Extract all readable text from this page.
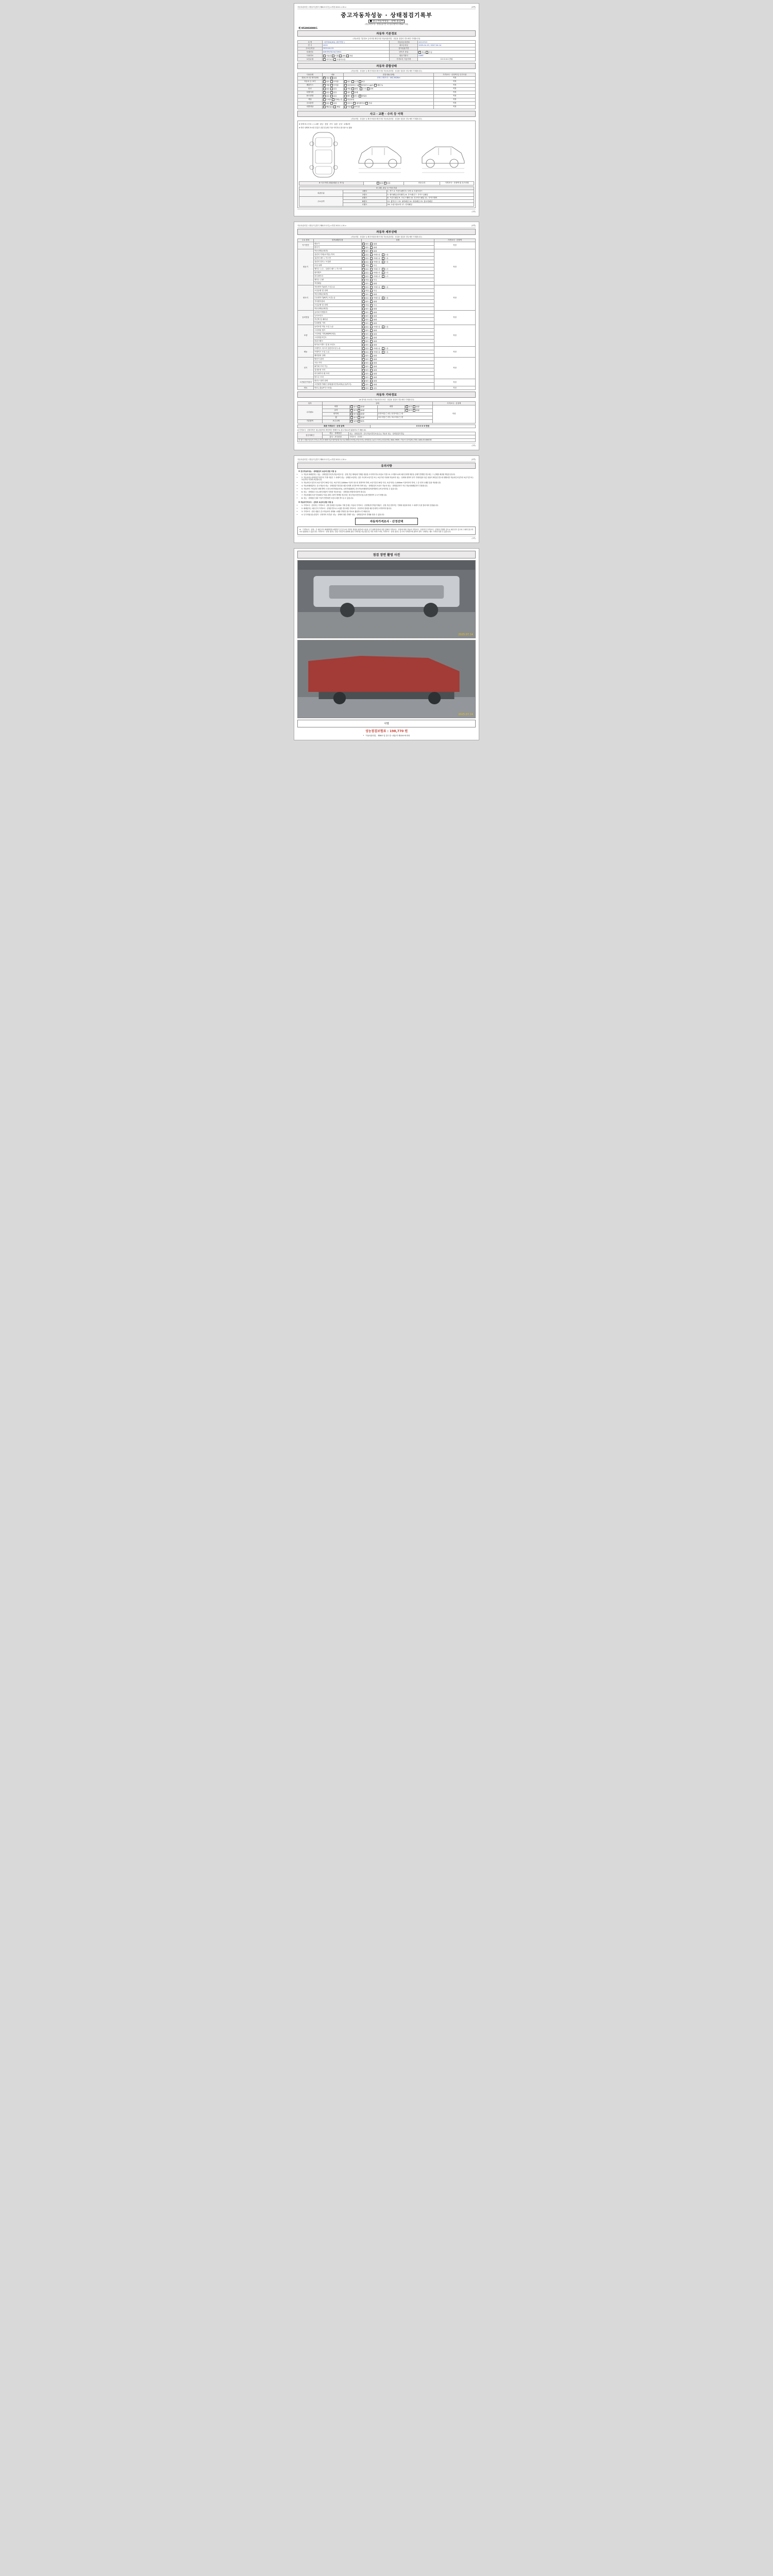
자동차관리법 시행규칙 [별지 제82호서식] <개정 2021.1.19.>	(3쪽)
중고자동차성능 · 상태점검기록부
■ 중고자동차성능 · 상태 점검부
(자동차인도일 : 점검유효기간 2주일/주행거리 2천km 이내)
제 952003009도
자동차 기본정보
(자동차법 기본정보 등의사항 확인사항 자동차관리법 · 상업용 점검의 경우에만 기재합니다)
차 명	그랜저HG(HG) (세부명칭 )	자동차등록번호	20도2713
연 식	2015	최초등록일	2025-04-15 / 2027-04-14
주소등록일	2015-04-15	검사유효기간	
차대번호	KMHFM781HA70901	변속기 종류	✓자동 수동
사용연료	✓가솔린 디젤 LPG 기타	원동기형식	G4KE
보증유형	✓자기보증 보험사보증	가격조사 기준가격	0 0 0 0 0 만원
자동차 종합상태
(자동차법 · 상업용 등 확인사항을 확인사항 자동차관리법 · 상업용 점검의 경우에만 기재합니다)
사용상태	내용	점검내용(상태)	가격조사 · 산정액 및 특기사항
전용주사 및 계기상태	✓정상 불량	현재 주행거리 : 162,362Km	적정
자동차 등 표기	✓양호 부적합	변조 도색 대조	적정
배출가스	✓적합 부적합	일산화탄소 % 탄화수소 ppm 매연 %	적정
튜닝	✓없음 있음	적법 불법   구조 장치	적정
특별이력	✓없음 있음	침수 화재	적정
용도변경	✓없음 있음	렌트 리스 영업용	적정
색상	✓무채색 전체도색	색상변경	적정
주요옵션	✓없음 있음	선루프 내비게이션 기타	적정
리콜대상	✓해당없음 해당	이행 미이행	적정
사고 · 교환 · 수리 등 이력
(자동차법 · 상업용 등 확인사항을 확인사항 자동차관리법 · 상업용 점검의 경우에만 기재합니다)
※ 상태 표시 부호 : ( ) 교환 · 판금 · 용접 · 부식 · 흠집 · 손상 · 교체요망
※ 하단 상태에 표시한 부분은 점검 및 판단 기준 이미지로 참고용으로 활용
※ 사고이력 (외판/내판 등 표시)	없음 있음	단순수리	가격조사 · 산정액 및 특기사항
※ 교환, 판금 등 이상 부위		
외판부위	1랭크	1. 후드 2. 프론트펜더 3. 도어 4. 트렁크리드
	2랭크	5. 쿼터패널(리어펜더) 6. 루프패널 7. 사이드실패널
주요골격	A랭크	8. 프론트패널 9. 크로스멤버 10. 인사이드패널 11. 사이드멤버
	B랭크	12. 휠하우스 13. 필라패널 14. 대쉬패널 15. 플로어패널
	C랭크	16. 트렁크플로어 17. 리어패널
(3쪽)
자동차관리법 시행규칙 [별지 제82호서식] <개정 2021.1.19.>	(3쪽)
자동차 세부상태
(자동차법 · 상업용 등 확인사항을 확인사항 자동차관리법 · 상업용 점검의 경우에만 기재합니다)
주요 장치	항목/해당부품	상태	가격조사 · 산정액
자기진단	원동기	✓양호 불량	적정
	변속기	✓양호 불량
원동기	작동상태(공회전)	✓양호 불량	적정
	실린더 커버(로커암) 커버	✓없음 미세누유 누유
	실린더 헤드 / 가스켓	✓없음 미세누유 누유
	실린더 블록 / 오일팬	✓없음 미세누유 누유
	오일 유량	✓적정 부족
	냉각수 누수 - 실린더 헤드 / 가스켓	✓없음 미세누수 누수
	워터펌프	✓없음 미세누수 누수
	라디에이터	✓없음 미세누수 누수
	냉각수 수량	✓적정 부족
	커먼레일	✓양호 불량
변속기	자동변속기(A/T) 오일누유	✓없음 미세누유 누유	적정
	오일유량 및 상태	✓적정 부족
	작동상태(공회전)	✓양호 불량
	수동변속기(M/T) 오일누유	✓없음 미세누유 누유
	기어변속장치	✓양호 불량
	오일유량 및 상태	✓적정 부족
	작동상태(공회전)	✓양호 불량
동력전달	클러치 어셈블리	✓양호 불량	적정
	등속조인트	✓양호 불량
	추진축 및 베어링	✓양호 불량
	디퍼렌셜 기어	✓양호 불량
조향	동력조향 작동 오일 누유	✓없음 미세누유 누유	적정
	스티어링 펌프	✓양호 불량
	스티어링 기어(MDPS포함)	✓양호 불량
	스티어링조인트	✓양호 불량
	파워크랭크	✓양호 불량
	타이로드엔드 및 볼 조인트	✓양호 불량
제동	브레이크 마스터 실린더오일 누유	✓없음 미세누유 누유	적정
	브레이크 오일 누유	✓없음 미세누유 누유
	배력장치 상태	✓양호 불량
전기	발전기 출력	✓양호 불량	적정
	시동 모터	✓양호 불량
	와이퍼 모터 기능	✓양호 불량
	실내송풍 모터	✓양호 불량
	라디에이터 팬 모터	✓양호 불량
	윈도우 모터	✓양호 불량
고전원전기장치	충전구 절연 상태	✓양호 불량	적정
	고전원전기배선 상태(접속단자/피복/손상/부식)	✓양호 불량
연료	연료누출(LP가스포함)	✓없음 있음	적정
자동차 기타정보
(※ 항목을 표시하고 자동차인도조건 · 상업용 점검의 경우에만 기재합니다)
항목	상태				가격조사 · 산정액
수리필요	외장	✓양호 불량	내장	✓양호 불량	적정
	유리	✓양호 불량		양호 불량	
	타이어	✓양호 불량	운전석앞 □ 양 / 운전석뒤 □ 양		
	휠	✓양호 불량	조수석앞 □ 양 / 조수석뒤 □ 양		
기본품목	보수교체	✓있음 없음
최종 가격조사 · 산정 금액	0 0 0 0 0 만원
※ 가격조사 · 산정가격은 성능점검자의 개인적인 견해이므로 참고자료로만 활용하시기 바랍니다.
점검자확인	성능 · 상태점검	성능 · 상태점검자 : 한국자동차진단보증(주) / 자동차 성능 · 상태점검자 발급
	검사 · 조사산정	가격조사 · 산정자 :
회 원사 복합보험심사진단(주)자동차매매사업조합연합회(자동차손해배상보장법)/자동차성능상태점검(주)/중고차성능점검(전화) 1644-9909 / 자동차 검사업체 (전화) 1400-05-606192		
(3쪽)
자동차관리법 시행규칙 [별지 제82호서식] <개정 2021.1.19.>	(3쪽)
유의사항
※ 중고자동차성능 · 상태점검의 보증에 관한 사항 등
• 1. 자동차 매매업자는 성능 · 상태점검기록부(자동차인도일 · 산정 부분 제외)에 기재된 내용을 고의적이거나 과실로 거짓으로 고지할으로써 매수인에게 재산상 손해가 발생한 경우에는 그 손해를 배상할 책임을 집니다.
• 2. 자동차성능상태점검기록부의 기재 사항은 그 차량의 성능 · 상태를 보증하는 것은 아니며 보증기간 또는 보증거리 이내에 자동차의 성능 · 상태에 대하여 상기 기재사항과 다른 내용이 확인된 경우에 대해서만 자동차인도일부터 보증기간 또는 보증거리 이내에 보증합니다.
• 3. 자동차인도일부터 보증기간이 30일 이상, 보증거리 2,000km 이상이 되도록 정하여야 하며, 보증기간은 30일 이상, 보증거리는 2,000km 이상이어야 하며, 그 중 먼저 도래한 것을 적용합니다.
• 4. 자동차매매업자는 중고자동차 성능 · 상태점검기록부를 매수인에게 교부하여야 하며 성능 · 상태점검의 보증은 자동차 성능 · 상태점검자가 아닌 자동차매매업자가 부담합니다.
• 5. 자동차의 구매 관련 피해 발생 시 한국소비자원(1372), 공정거래위원회, 한국자동차매매사업조합연합회 등에 문의하실 수 있습니다.
• 6. 성능 · 상태점검 국토교통부장관이 인정한 자동차성능 · 상태점검 방법에 따라야 합니다.
• 7. 자동차매매 보증기간(30일 이내) 내에 고장이 발생한 경우에는 한국자동차진단보증(주)에 연락하여 주시기 바랍니다.
• 8. 성능 · 상태점검 결과 이상이 발견되면 보증수리를 받으실 수 있습니다.
※ 자동차가격조사 · 산정의 보증에 관한 사항 등
• 1. 가격조사 · 산정자는 가격조사 · 산정 결과를 사실대로 기재 중에는 자동차 가격조사 · 산정액(자기책임기재)이 · 산정 부분 한하여는 기재에 내용에 따라 그 차량이 특정 결과 따라 결정됩니다.
• 2. 매매업자는 매수인이 가격조사 · 산정을 별도로 요청한 경우에만 가격조사 · 산정자의 결과를 매수인에게 고지하여야 합니다.
• 3. 가격조사 · 산정 내용은 중고자동차의 상태와 시세를 반영한 참고자료로 활용하시기 바랍니다.
• 4. 특기사항(성능점검자 · 산정자의 의견)은 성능 · 상태에 대한 견해가 성능 · 상태점검자의 견해와 다를 수 있습니다.
자동차가격조사 · 산정선택
※ 「가격조사 · 산정」은 매수인이 매매계약을 체결하기 전 중고차 가격의 적절성 판단에 도움을 주기 위해 법령에 의한 업체의 가격조사 · 산정에 따라 자동차 가격조사 · 산정자가 가격조사 · 산정을 진행한 것으로 매수인이 중고차 구매의 참고자료로 활용할 수 있습니다. 가격조사 · 산정 결과는 점검 기록부의 판매에 관련 기재사항 성능점검 및 기타 서비스이며, 가격조사 · 산정 결과는 중고차 가격평가에 관하여 별도 구매하는 매도 가격과 다를 수 있습니다.
(3쪽)
점검 장면 촬영 사진
2025.07.14
2025.07.14
서명
성능점검보험료 : 198,770 원
* 「자동차관리법」 제58조 및 같은 법 시행규칙 제120조에 따라
